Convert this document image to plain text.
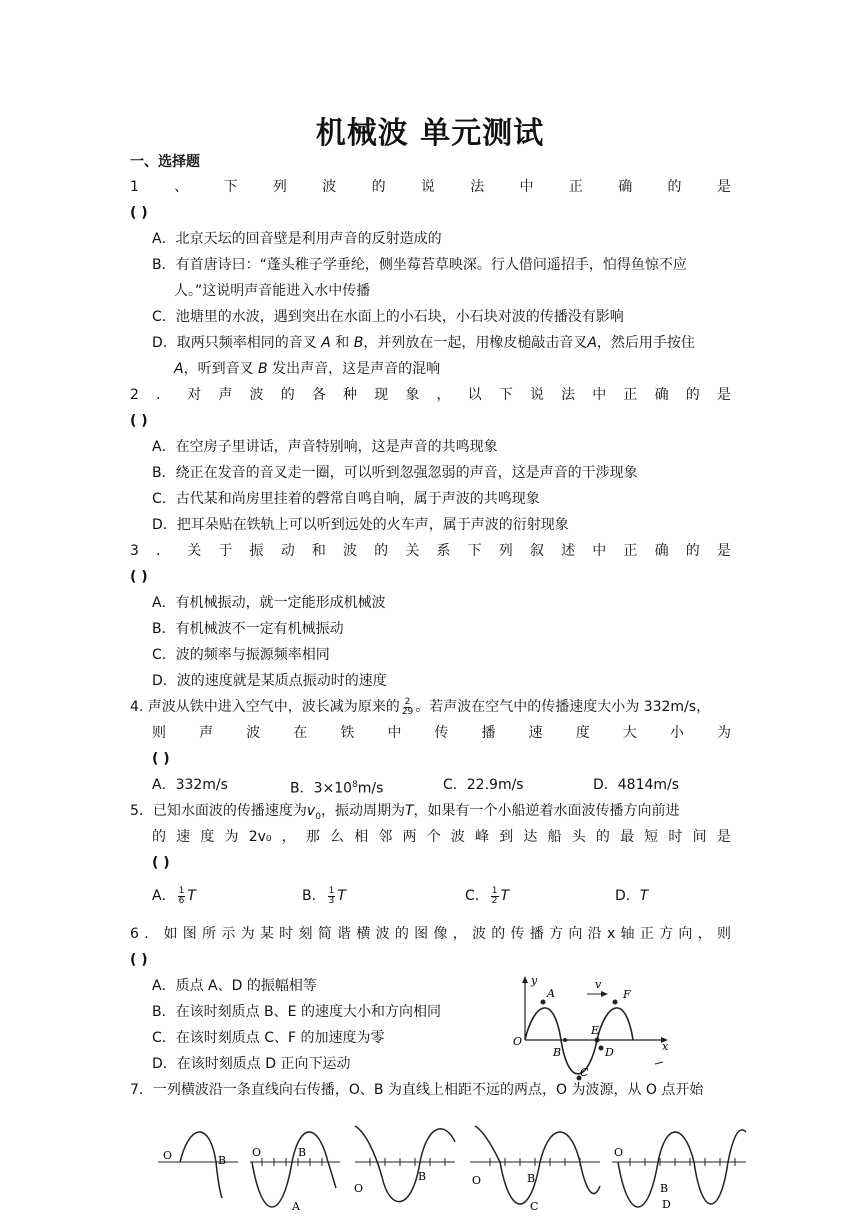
机械波 单元测试
一、选择题
1	、	下	列	波	的	说	法	中	正	确	的	是
( )
A．北京天坛的回音壁是利用声音的反射造成的
B．有首唐诗曰：“蓬头稚子学垂纶，侧坐莓苔草映深。行人借问遥招手，怕得鱼惊不应
人。”这说明声音能进入水中传播
C．池塘里的水波，遇到突出在水面上的小石块，小石块对波的传播没有影响
D．取两只频率相同的音叉 A 和 B，并列放在一起，用橡皮槌敲击音叉A，然后用手按住
A，听到音叉 B 发出声音，这是声音的混响
2 ． 对 声 波 的 各 种 现 象 ， 以 下 说 法 中 正 确 的 是
( )
A．在空房子里讲话，声音特别响，这是声音的共鸣现象
B．绕正在发音的音叉走一圈，可以听到忽强忽弱的声音，这是声音的干涉现象
C．古代某和尚房里挂着的磬常自鸣自响，属于声波的共鸣现象
D．把耳朵贴在铁轨上可以听到远处的火车声，属于声波的衍射现象
3 ． 关 于 振 动 和 波 的 关 系 下 列 叙 述 中 正 确 的 是
( )
A．有机械振动，就一定能形成机械波
B．有机械波不一定有机械振动
C．波的频率与振源频率相同
D．波的速度就是某质点振动时的速度
4. 声波从铁中进入空气中，波长减为原来的 $\frac{2}{29}$ 。若声波在空气中的传播速度大小为 332m/s，
则 声 波 在 铁 中 传 播 速 度 大 小 为
( )
A．332m/s	B．$3\times 10^8m/s$	C．22.9m/s	D．4814m/s
5．已知水面波的传播速度为$v_0$，振动周期为T，如果有一个小船逆着水面波传播方向前进
的 速 度 为 2v₀ ， 那 么 相 邻 两 个 波 峰 到 达 船 头 的 最 短 时 间 是
( )
A． $\frac{1}{6}$ T	B． $\frac{1}{3}$ T	C． $\frac{1}{2}$ T	D．T
6 ． 如 图 所 示 为 某 时 刻 简 谐 横 波 的 图 像 ， 波 的 传 播 方 向 沿 x 轴 正 方 向 ， 则
( )
A．质点 A、D 的振幅相等
B．在该时刻质点 B、E 的速度大小和方向相同
C．在该时刻质点 C、F 的加速度为零
D．在该时刻质点 D 正向下运动
y	v
O	x
A
B
C
D
E
F
7．一列横波沿一条直线向右传播，O、B 为直线上相距不远的两点，O 为波源，从 O 点开始
O	B
O	B
A
O
B	O	B
C
O
B
D
